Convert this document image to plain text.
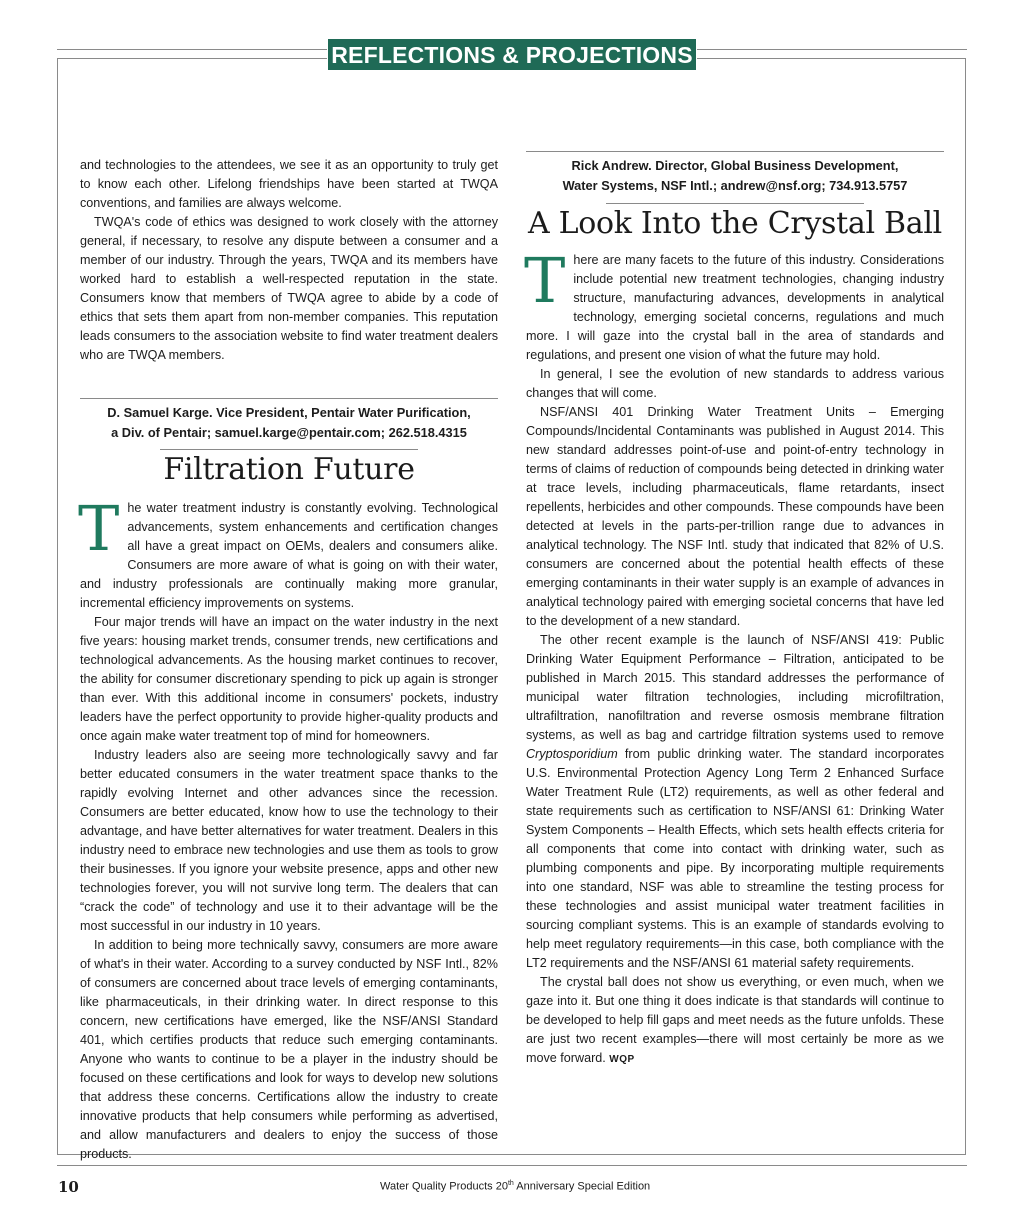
REFLECTIONS & PROJECTIONS

and technologies to the attendees, we see it as an opportunity to truly get to know each other. Lifelong friendships have been started at TWQA conventions, and families are always welcome.

TWQA's code of ethics was designed to work closely with the attorney general, if necessary, to resolve any dispute between a consumer and a member of our industry. Through the years, TWQA and its members have worked hard to establish a well-respected reputation in the state. Consumers know that members of TWQA agree to abide by a code of ethics that sets them apart from non-member companies. This reputation leads consumers to the association website to find water treatment dealers who are TWQA members.

D. Samuel Karge. Vice President, Pentair Water Purification,
a Div. of Pentair; samuel.karge@pentair.com; 262.518.4315
Filtration Future

T he water treatment industry is constantly evolving. Technological advancements, system enhancements and certification changes all have a great impact on OEMs, dealers and consumers alike. Consumers are more aware of what is going on with their water, and industry professionals are continually making more granular, incremental efficiency improvements on systems.

Four major trends will have an impact on the water industry in the next five years: housing market trends, consumer trends, new certifications and technological advancements. As the housing market continues to recover, the ability for consumer discretionary spending to pick up again is stronger than ever. With this additional income in consumers' pockets, industry leaders have the perfect opportunity to provide higher-quality products and once again make water treatment top of mind for homeowners.

Industry leaders also are seeing more technologically savvy and far better educated consumers in the water treatment space thanks to the rapidly evolving Internet and other advances since the recession. Consumers are better educated, know how to use the technology to their advantage, and have better alternatives for water treatment. Dealers in this industry need to embrace new technologies and use them as tools to grow their businesses. If you ignore your website presence, apps and other new technologies forever, you will not survive long term. The dealers that can “crack the code” of technology and use it to their advantage will be the most successful in our industry in 10 years.

In addition to being more technically savvy, consumers are more aware of what's in their water. According to a survey conducted by NSF Intl., 82% of consumers are concerned about trace levels of emerging contaminants, like pharmaceuticals, in their drinking water. In direct response to this concern, new certifications have emerged, like the NSF/ANSI Standard 401, which certifies products that reduce such emerging contaminants. Anyone who wants to continue to be a player in the industry should be focused on these certifications and look for ways to develop new solutions that address these concerns. Certifications allow the industry to create innovative products that help consumers while performing as advertised, and allow manufacturers and dealers to enjoy the success of those products.

Rick Andrew. Director, Global Business Development,
Water Systems, NSF Intl.; andrew@nsf.org; 734.913.5757
A Look Into the Crystal Ball

T here are many facets to the future of this industry. Considerations include potential new treatment technologies, changing industry structure, manufacturing advances, developments in analytical technology, emerging societal concerns, regulations and much more. I will gaze into the crystal ball in the area of standards and regulations, and present one vision of what the future may hold.

In general, I see the evolution of new standards to address various changes that will come.

NSF/ANSI 401 Drinking Water Treatment Units – Emerging Compounds/Incidental Contaminants was published in August 2014. This new standard addresses point-of-use and point-of-entry technology in terms of claims of reduction of compounds being detected in drinking water at trace levels, including pharmaceuticals, flame retardants, insect repellents, herbicides and other compounds. These compounds have been detected at levels in the parts-per-trillion range due to advances in analytical technology. The NSF Intl. study that indicated that 82% of U.S. consumers are concerned about the potential health effects of these emerging contaminants in their water supply is an example of advances in analytical technology paired with emerging societal concerns that have led to the development of a new standard.

The other recent example is the launch of NSF/ANSI 419: Public Drinking Water Equipment Performance – Filtration, anticipated to be published in March 2015. This standard addresses the performance of municipal water filtration technologies, including microfiltration, ultrafiltration, nanofiltration and reverse osmosis membrane filtration systems, as well as bag and cartridge filtration systems used to remove Cryptosporidium from public drinking water. The standard incorporates U.S. Environmental Protection Agency Long Term 2 Enhanced Surface Water Treatment Rule (LT2) requirements, as well as other federal and state requirements such as certification to NSF/ANSI 61: Drinking Water System Components – Health Effects, which sets health effects criteria for all components that come into contact with drinking water, such as plumbing components and pipe. By incorporating multiple requirements into one standard, NSF was able to streamline the testing process for these technologies and assist municipal water treatment facilities in sourcing compliant systems. This is an example of standards evolving to help meet regulatory requirements—in this case, both compliance with the LT2 requirements and the NSF/ANSI 61 material safety requirements.

The crystal ball does not show us everything, or even much, when we gaze into it. But one thing it does indicate is that standards will continue to be developed to help fill gaps and meet needs as the future unfolds. These are just two recent examples—there will most certainly be more as we move forward. WQP

10	Water Quality Products 20th Anniversary Special Edition
